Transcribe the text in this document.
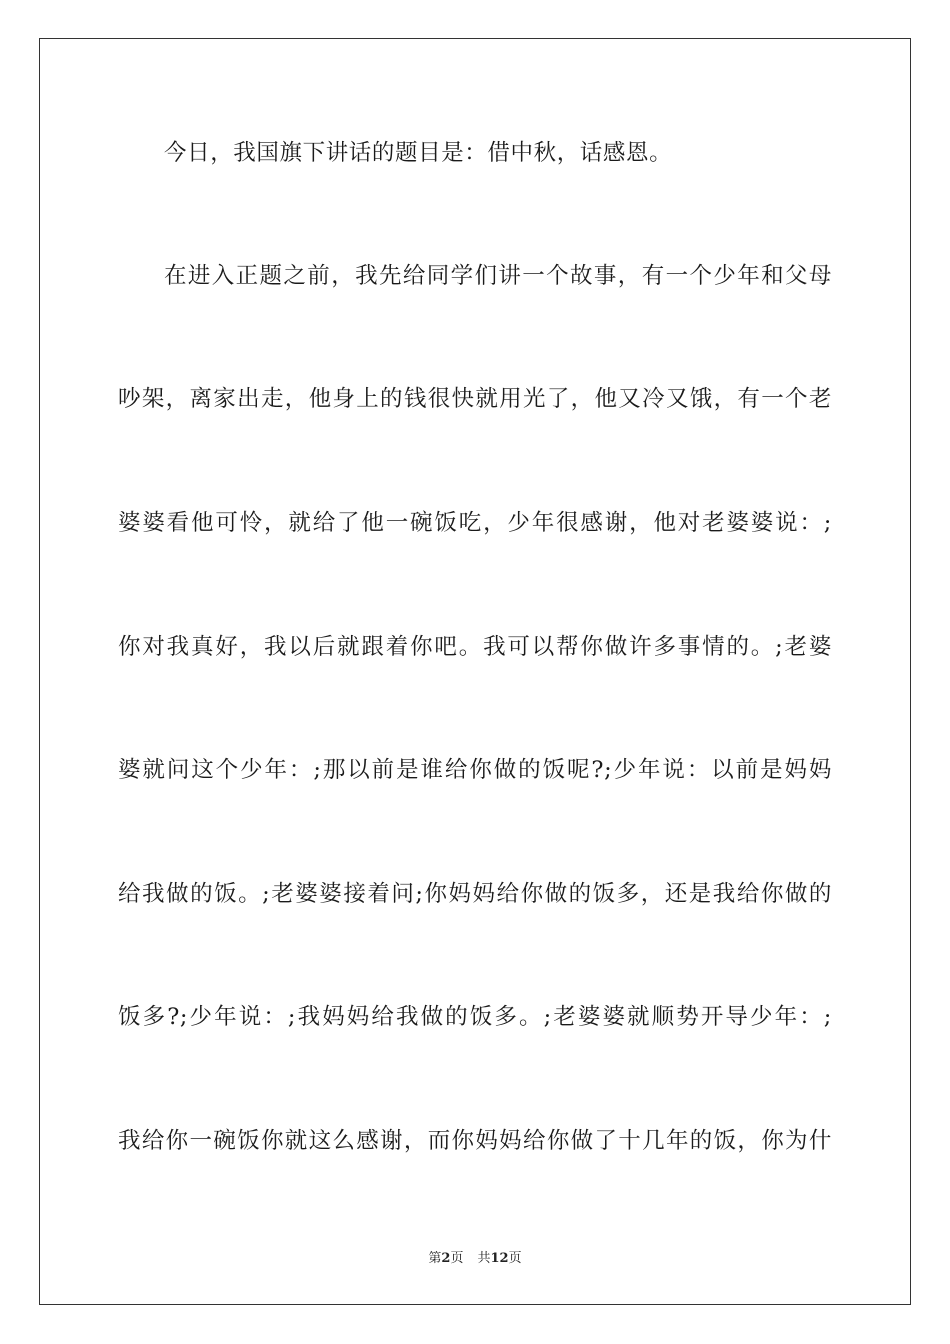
今日，我国旗下讲话的题目是：借中秋，话感恩。
在进入正题之前，我先给同学们讲一个故事，有一个少年和父母
吵架，离家出走，他身上的钱很快就用光了，他又冷又饿，有一个老
婆婆看他可怜，就给了他一碗饭吃，少年很感谢，他对老婆婆说：;
你对我真好，我以后就跟着你吧。我可以帮你做许多事情的。;老婆
婆就问这个少年：;那以前是谁给你做的饭呢?;少年说：以前是妈妈
给我做的饭。;老婆婆接着问;你妈妈给你做的饭多，还是我给你做的
饭多?;少年说：;我妈妈给我做的饭多。;老婆婆就顺势开导少年：;
我给你一碗饭你就这么感谢，而你妈妈给你做了十几年的饭，你为什
第2页 共12页
